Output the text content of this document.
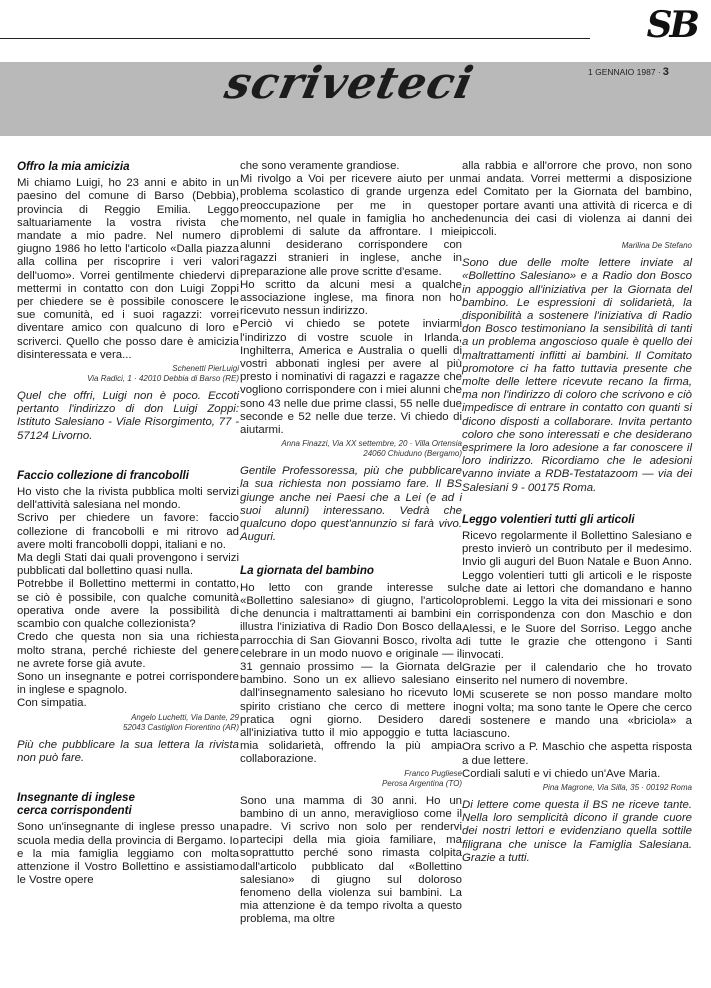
SB
scriveteci	1 GENNAIO 1987 · 3
Offro la mia amicizia

Mi chiamo Luigi, ho 23 anni e abito in un paesino del comune di Barso (Debbia), provincia di Reggio Emilia. Leggo saltuariamente la vostra rivista che mandate a mio padre. Nel numero di giugno 1986 ho letto l'articolo «Dalla piazza alla collina per riscoprire i veri valori dell'uomo». Vorrei gentilmente chiedervi di mettermi in contatto con don Luigi Zoppi per chiedere se è possibile conoscere le sue comunità, ed i suoi ragazzi: vorrei diventare amico con qualcuno di loro e scriverci. Quello che posso dare è amicizia disinteressata e vera...

Schenetti PierLuigi
Via Radici, 1 · 42010 Debbia di Barso (RE)

Quel che offri, Luigi non è poco. Eccoti pertanto l'indirizzo di don Luigi Zoppi: Istituto Salesiano - Viale Risorgimento, 77 - 57124 Livorno.

Faccio collezione di francobolli

Ho visto che la rivista pubblica molti servizi dell'attività salesiana nel mondo.

Scrivo per chiedere un favore: faccio collezione di francobolli e mi ritrovo ad avere molti francobolli doppi, italiani e no.

Ma degli Stati dai quali provengono i servizi pubblicati dal bollettino quasi nulla.

Potrebbe il Bollettino mettermi in contatto, se ciò è possibile, con qualche comunità operativa onde avere la possibilità di scambio con qualche collezionista?

Credo che questa non sia una richiesta molto strana, perché richieste del genere ne avrete forse già avute.

Sono un insegnante e potrei corrispondere in inglese e spagnolo.

Con simpatia.

Angelo Luchetti, Via Dante, 29
52043 Castiglion Fiorentino (AR)

Più che pubblicare la sua lettera la rivista non può fare.

Insegnante di inglese
cerca corrispondenti

Sono un'insegnante di inglese presso una scuola media della provincia di Bergamo. Io e la mia famiglia leggiamo con molta attenzione il Vostro Bollettino e assistiamo le Vostre opere

che sono veramente grandiose.

Mi rivolgo a Voi per ricevere aiuto per un problema scolastico di grande urgenza e preoccupazione per me in questo momento, nel quale in famiglia ho anche problemi di salute da affrontare. I miei alunni desiderano corrispondere con ragazzi stranieri in inglese, anche in preparazione alle prove scritte d'esame.

Ho scritto da alcuni mesi a qualche associazione inglese, ma finora non ho ricevuto nessun indirizzo.

Perciò vi chiedo se potete inviarmi l'indirizzo di vostre scuole in Irlanda, Inghilterra, America e Australia o quelli di vostri abbonati inglesi per avere al più presto i nominativi di ragazzi e ragazze che vogliono corrispondere con i miei alunni che sono 43 nelle due prime classi, 55 nelle due seconde e 52 nelle due terze. Vi chiedo di aiutarmi.

Anna Finazzi, Via XX settembre, 20 · Villa Ortensia
24060 Chiuduno (Bergamo)

Gentile Professoressa, più che pubblicare la sua richiesta non possiamo fare. Il BS giunge anche nei Paesi che a Lei (e ad i suoi alunni) interessano. Vedrà che qualcuno dopo quest'annunzio si farà vivo. Auguri.

La giornata del bambino

Ho letto con grande interesse sul «Bollettino salesiano» di giugno, l'articolo che denuncia i maltrattamenti ai bambini e illustra l'iniziativa di Radio Don Bosco della parrocchia di San Giovanni Bosco, rivolta a celebrare in un modo nuovo e originale — il 31 gennaio prossimo — la Giornata del bambino. Sono un ex allievo salesiano e dall'insegnamento salesiano ho ricevuto lo spirito cristiano che cerco di mettere in pratica ogni giorno. Desidero dare all'iniziativa tutto il mio appoggio e tutta la mia solidarietà, offrendo la più ampia collaborazione.

Franco Pugliese
Perosa Argentina (TO)

Sono una mamma di 30 anni. Ho un bambino di un anno, meraviglioso come il padre. Vi scrivo non solo per rendervi partecipi della mia gioia familiare, ma soprattutto perché sono rimasta colpita dall'articolo pubblicato dal «Bollettino salesiano» di giugno sul doloroso fenomeno della violenza sui bambini. La mia attenzione è da tempo rivolta a questo problema, ma oltre

alla rabbia e all'orrore che provo, non sono mai andata. Vorrei mettermi a disposizione del Comitato per la Giornata del bambino, per portare avanti una attività di ricerca e di denuncia dei casi di violenza ai danni dei piccoli.

Marilina De Stefano

Sono due delle molte lettere inviate al «Bollettino Salesiano» e a Radio don Bosco in appoggio all'iniziativa per la Giornata del bambino. Le espressioni di solidarietà, la disponibilità a sostenere l'iniziativa di Radio don Bosco testimoniano la sensibilità di tanti a un problema angoscioso quale è quello dei maltrattamenti inflitti ai bambini. Il Comitato promotore ci ha fatto tuttavia presente che molte delle lettere ricevute recano la firma, ma non l'indirizzo di coloro che scrivono e ciò impedisce di entrare in contatto con quanti si dicono disposti a collaborare. Invita pertanto coloro che sono interessati e che desiderano esprimere la loro adesione a far conoscere il loro indirizzo. Ricordiamo che le adesioni vanno inviate a RDB-Testatazoom — via dei Salesiani 9 - 00175 Roma.

Leggo volentieri tutti gli articoli

Ricevo regolarmente il Bollettino Salesiano e presto invierò un contributo per il medesimo. Invio gli auguri del Buon Natale e Buon Anno. Leggo volentieri tutti gli articoli e le risposte che date ai lettori che domandano e hanno problemi. Leggo la vita dei missionari e sono in corrispondenza con don Maschio e don Alessi, e le Suore del Sorriso. Leggo anche di tutte le grazie che ottengono i Santi invocati.

Grazie per il calendario che ho trovato inserito nel numero di novembre.

Mi scuserete se non posso mandare molto ogni volta; ma sono tante le Opere che cerco di sostenere e mando una «briciola» a ciascuno.

Ora scrivo a P. Maschio che aspetta risposta a due lettere.

Cordiali saluti e vi chiedo un'Ave Maria.

Pina Magrone, Via Silla, 35 · 00192 Roma

Di lettere come questa il BS ne riceve tante. Nella loro semplicità dicono il grande cuore dei nostri lettori e evidenziano quella sottile filigrana che unisce la Famiglia Salesiana. Grazie a tutti.
